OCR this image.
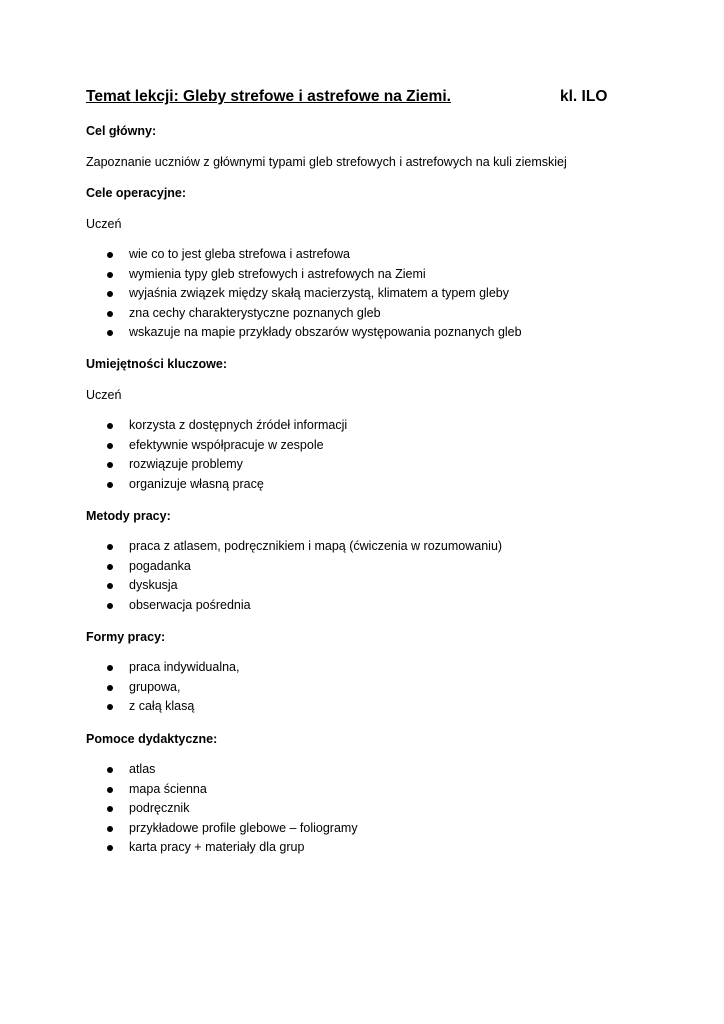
Temat lekcji: Gleby strefowe i astrefowe na Ziemi.	kl. ILO
Cel główny:
Zapoznanie uczniów z głównymi typami gleb strefowych i astrefowych na kuli ziemskiej
Cele operacyjne:
Uczeń
wie co to jest gleba strefowa i astrefowa
wymienia typy gleb strefowych i astrefowych na Ziemi
wyjaśnia związek między skałą macierzystą, klimatem a typem gleby
zna cechy charakterystyczne poznanych gleb
wskazuje na mapie przykłady obszarów występowania poznanych gleb
Umiejętności kluczowe:
Uczeń
korzysta z dostępnych źródeł informacji
efektywnie współpracuje w zespole
rozwiązuje problemy
organizuje własną pracę
Metody pracy:
praca z atlasem, podręcznikiem i mapą (ćwiczenia w rozumowaniu)
pogadanka
dyskusja
obserwacja pośrednia
Formy pracy:
praca indywidualna,
grupowa,
z całą klasą
Pomoce dydaktyczne:
atlas
mapa ścienna
podręcznik
przykładowe profile glebowe – foliogramy
karta pracy + materiały dla grup
